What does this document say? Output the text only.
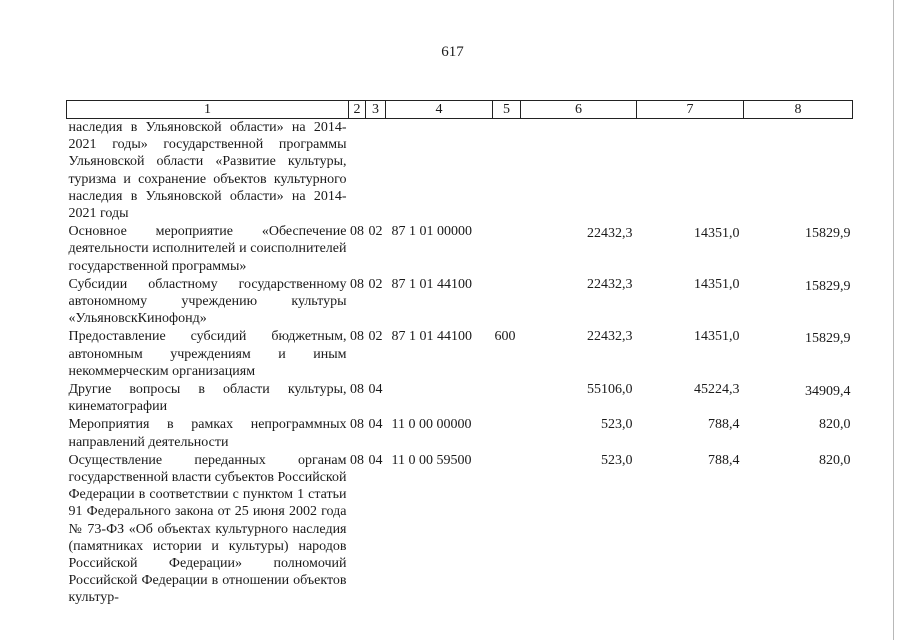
617
1	2	3	4	5	6	7	8
наследия в Ульяновской области» на 2014-2021 годы» государственной программы Ульяновской области «Развитие культуры, туризма и сохранение объектов культурного наследия в Ульяновской области» на 2014-2021 годы							
Основное мероприятие «Обеспечение деятельности исполнителей и соисполнителей государственной программы»	08	02	87 1 01 00000		22432,3	14351,0	15829,9
Субсидии областному государственному автономному учреждению культуры «УльяновскКинофонд»	08	02	87 1 01 44100		22432,3	14351,0	15829,9
Предоставление субсидий бюджетным, автономным учреждениям и иным некоммерческим организациям	08	02	87 1 01 44100	600	22432,3	14351,0	15829,9
Другие вопросы в области культуры, кинематографии	08	04			55106,0	45224,3	34909,4
Мероприятия в рамках непрограммных направлений деятельности	08	04	11 0 00 00000		523,0	788,4	820,0
Осуществление переданных органам государственной власти субъектов Российской Федерации в соответствии с пунктом 1 статьи 91 Федерального закона от 25 июня 2002 года № 73-ФЗ «Об объектах культурного наследия (памятниках истории и культуры) народов Российской Федерации» полномочий Российской Федерации в отношении объектов культур-	08	04	11 0 00 59500		523,0	788,4	820,0
